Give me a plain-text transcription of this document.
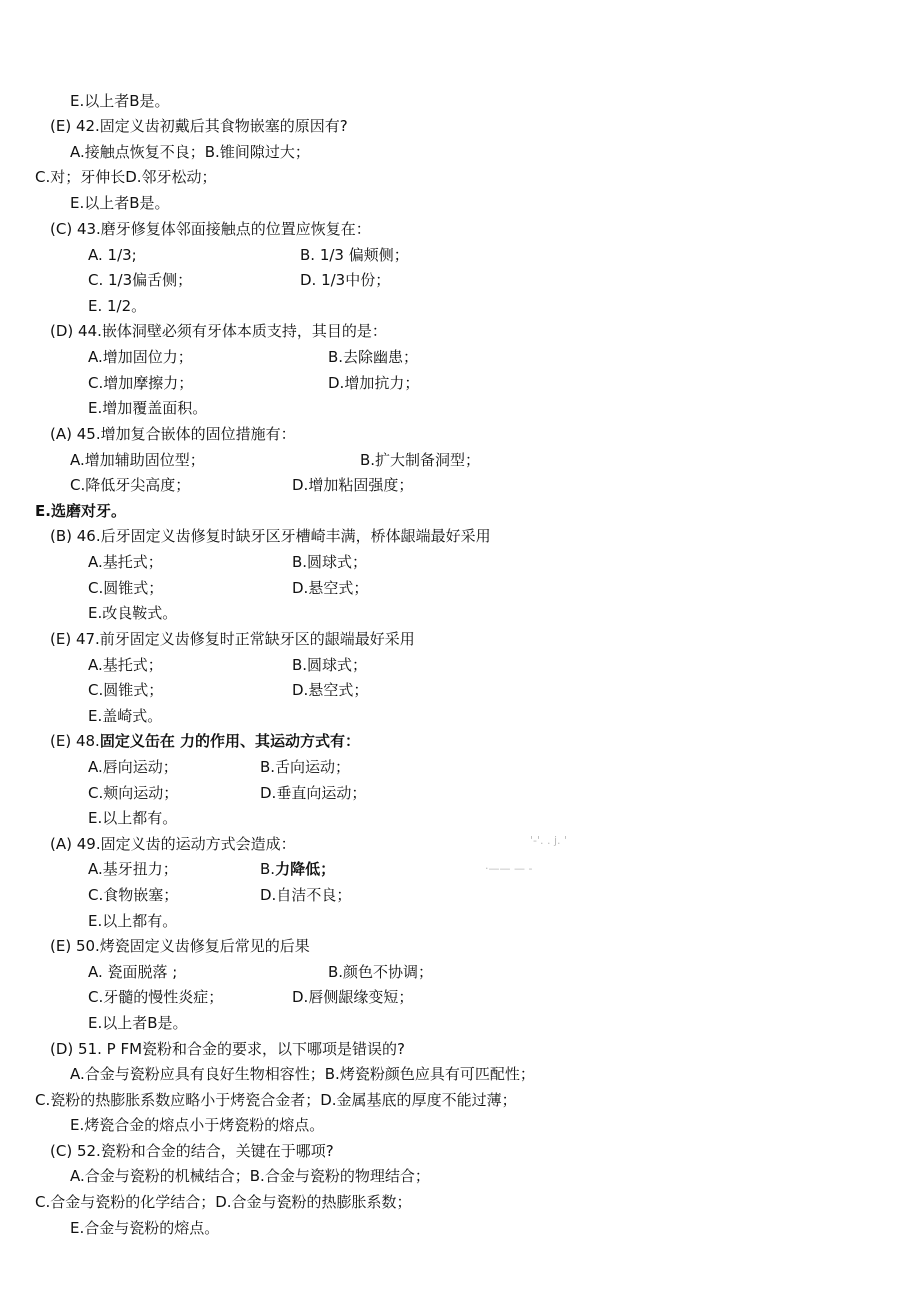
E.以上者B是。
(E) 42.固定义齿初戴后其食物嵌塞的原因有?
A.接触点恢复不良；B.锥间隙过大；
C.对；牙伸长D.邻牙松动；
E.以上者B是。
(C) 43.磨牙修复体邻面接触点的位置应恢复在：
A. 1/3;	B. 1/3 偏颊侧；
C. 1/3偏舌侧；	D. 1/3中份；
E. 1/2。
(D) 44.嵌体洞壁必须有牙体本质支持，其目的是：
A.增加固位力；	B.去除幽患；
C.增加摩擦力；	D.增加抗力；
E.增加覆盖面积。
(A) 45.增加复合嵌体的固位措施有：
A.增加辅助固位型；	B.扩大制备洞型；
C.降低牙尖高度；	D.增加粘固强度；
E.选磨对牙。
(B) 46.后牙固定义齿修复时缺牙区牙槽崎丰满，桥体龈端最好采用
A.基托式；	B.圆球式；
C.圆锥式；	D.悬空式；
E.改良鞍式。
(E) 47.前牙固定义齿修复时正常缺牙区的龈端最好采用
A.基托式；	B.圆球式；
C.圆锥式；	D.悬空式；
E.盖崎式。
(E) 48.固定义缶在 力的作用、其运动方式有：
A.唇向运动；	B.舌向运动；
C.颊向运动；	D.垂直向运动；
E.以上都有。
(A) 49.固定义齿的运动方式会造成：	'-'. . j. '
A.基牙扭力；	B.力降低；	·—— — -
C.食物嵌塞；	D.自洁不良；
E.以上都有。
(E) 50.烤瓷固定义齿修复后常见的后果
A. 瓷面脱落 ;	B.颜色不协调；
C.牙髓的慢性炎症；	D.唇侧龈缘变短；
E.以上者B是。
(D) 51. P FM瓷粉和合金的要求，以下哪项是错误的?
A.合金与瓷粉应具有良好生物相容性；B.烤瓷粉颜色应具有可匹配性；
C.瓷粉的热膨胀系数应略小于烤瓷合金者；D.金属基底的厚度不能过薄；
E.烤瓷合金的熔点小于烤瓷粉的熔点。
(C) 52.瓷粉和合金的结合，关键在于哪项?
A.合金与瓷粉的机械结合；B.合金与瓷粉的物理结合；
C.合金与瓷粉的化学结合；D.合金与瓷粉的热膨胀系数；
E.合金与瓷粉的熔点。
